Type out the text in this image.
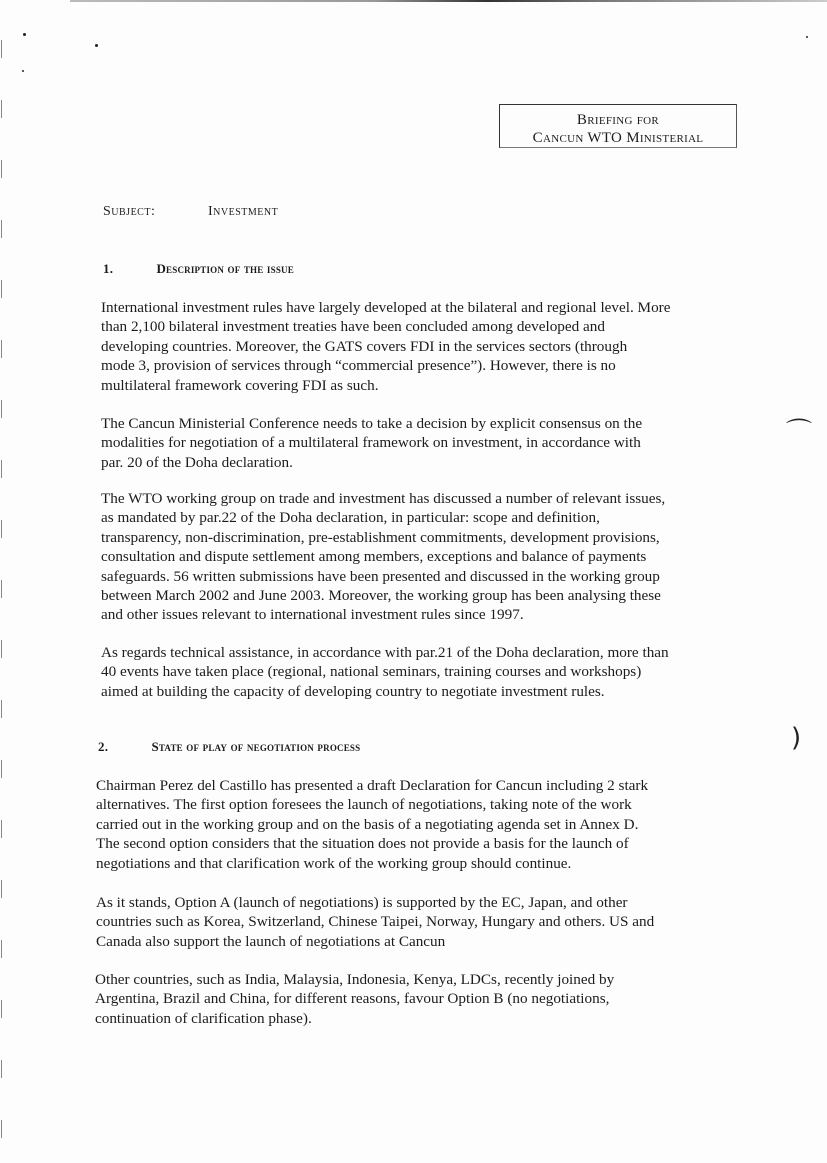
Briefing for
Cancun WTO Ministerial
Subject:	Investment
1.	Description of the issue

International investment rules have largely developed at the bilateral and regional level. More
than 2,100 bilateral investment treaties have been concluded among developed and
developing countries. Moreover, the GATS covers FDI in the services sectors (through
mode 3, provision of services through “commercial presence”). However, there is no
multilateral framework covering FDI as such.

The Cancun Ministerial Conference needs to take a decision by explicit consensus on the
modalities for negotiation of a multilateral framework on investment, in accordance with
par. 20 of the Doha declaration.

The WTO working group on trade and investment has discussed a number of relevant issues,
as mandated by par.22 of the Doha declaration, in particular: scope and definition,
transparency, non-discrimination, pre-establishment commitments, development provisions,
consultation and dispute settlement among members, exceptions and balance of payments
safeguards. 56 written submissions have been presented and discussed in the working group
between March 2002 and June 2003. Moreover, the working group has been analysing these
and other issues relevant to international investment rules since 1997.

As regards technical assistance, in accordance with par.21 of the Doha declaration, more than
40 events have taken place (regional, national seminars, training courses and workshops)
aimed at building the capacity of developing country to negotiate investment rules.

2.	State of play of negotiation process

Chairman Perez del Castillo has presented a draft Declaration for Cancun including 2 stark
alternatives. The first option foresees the launch of negotiations, taking note of the work
carried out in the working group and on the basis of a negotiating agenda set in Annex D.
The second option considers that the situation does not provide a basis for the launch of
negotiations and that clarification work of the working group should continue.

As it stands, Option A (launch of negotiations) is supported by the EC, Japan, and other
countries such as Korea, Switzerland, Chinese Taipei, Norway, Hungary and others. US and
Canada also support the launch of negotiations at Cancun

Other countries, such as India, Malaysia, Indonesia, Kenya, LDCs, recently joined by
Argentina, Brazil and China, for different reasons, favour Option B (no negotiations,
continuation of clarification phase).

⌒
)
